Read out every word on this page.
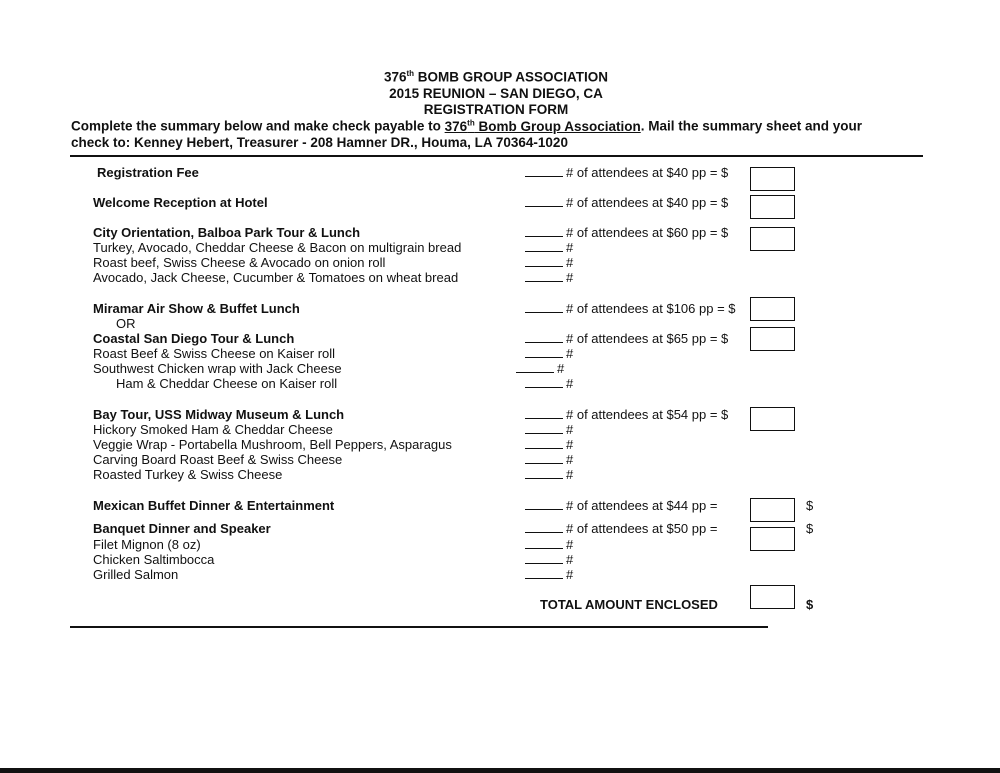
376th BOMB GROUP ASSOCIATION
2015 REUNION – SAN DIEGO, CA
REGISTRATION FORM
Complete the summary below and make check payable to 376th Bomb Group Association. Mail the summary sheet and your
check to: Kenney Hebert, Treasurer - 208 Hamner DR., Houma, LA 70364-1020
Registration Fee	# of attendees at $40 pp = $
Welcome Reception at Hotel	# of attendees at $40 pp = $
City Orientation, Balboa Park Tour & Lunch	# of attendees at $60 pp = $
Turkey, Avocado, Cheddar Cheese & Bacon on multigrain bread	#
Roast beef, Swiss Cheese & Avocado on onion roll	#
Avocado, Jack Cheese, Cucumber & Tomatoes on wheat bread	#
Miramar Air Show & Buffet Lunch	# of attendees at $106 pp = $
OR
Coastal San Diego Tour & Lunch	# of attendees at $65 pp = $
Roast Beef & Swiss Cheese on Kaiser roll	#
Southwest Chicken wrap with Jack Cheese	#
Ham & Cheddar Cheese on Kaiser roll	#
Bay Tour, USS Midway Museum & Lunch	# of attendees at $54 pp = $
Hickory Smoked Ham & Cheddar Cheese	#
Veggie Wrap - Portabella Mushroom, Bell Peppers, Asparagus	#
Carving Board Roast Beef & Swiss Cheese	#
Roasted Turkey & Swiss Cheese	#
Mexican Buffet Dinner & Entertainment	# of attendees at $44 pp =	$
Banquet Dinner and Speaker	# of attendees at $50 pp =	$
Filet Mignon (8 oz)	#
Chicken Saltimbocca	#
Grilled Salmon	#
TOTAL AMOUNT ENCLOSED	$
